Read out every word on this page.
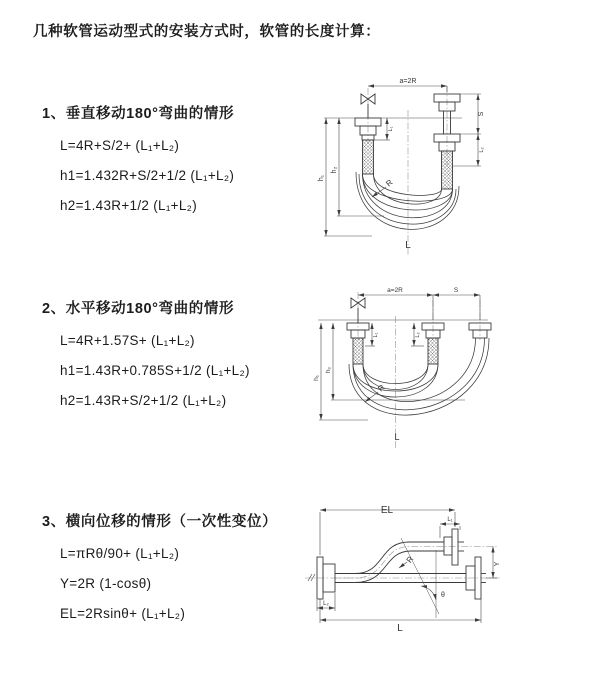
几种软管运动型式的安装方式时，软管的长度计算：
1、垂直移动180°弯曲的情形
L=4R+S/2+ (L₁+L₂)
h1=1.432R+S/2+1/2 (L₁+L₂)
h2=1.43R+1/2 (L₁+L₂)
2、水平移动180°弯曲的情形
L=4R+1.57S+ (L₁+L₂)
h1=1.43R+0.785S+1/2 (L₁+L₂)
h2=1.43R+S/2+1/2 (L₁+L₂)
3、横向位移的情形（一次性变位）
L=πRθ/90+ (L₁+L₂)
Y=2R (1-cosθ)
EL=2Rsinθ+ (L₁+L₂)
a=2R
h₁
h₂
L₁
S
L₂
R
L
a=2R	S
h₁
h₂
L₁	L₂
R
L
EL
L₁
Y
L₂
L
R
θ
